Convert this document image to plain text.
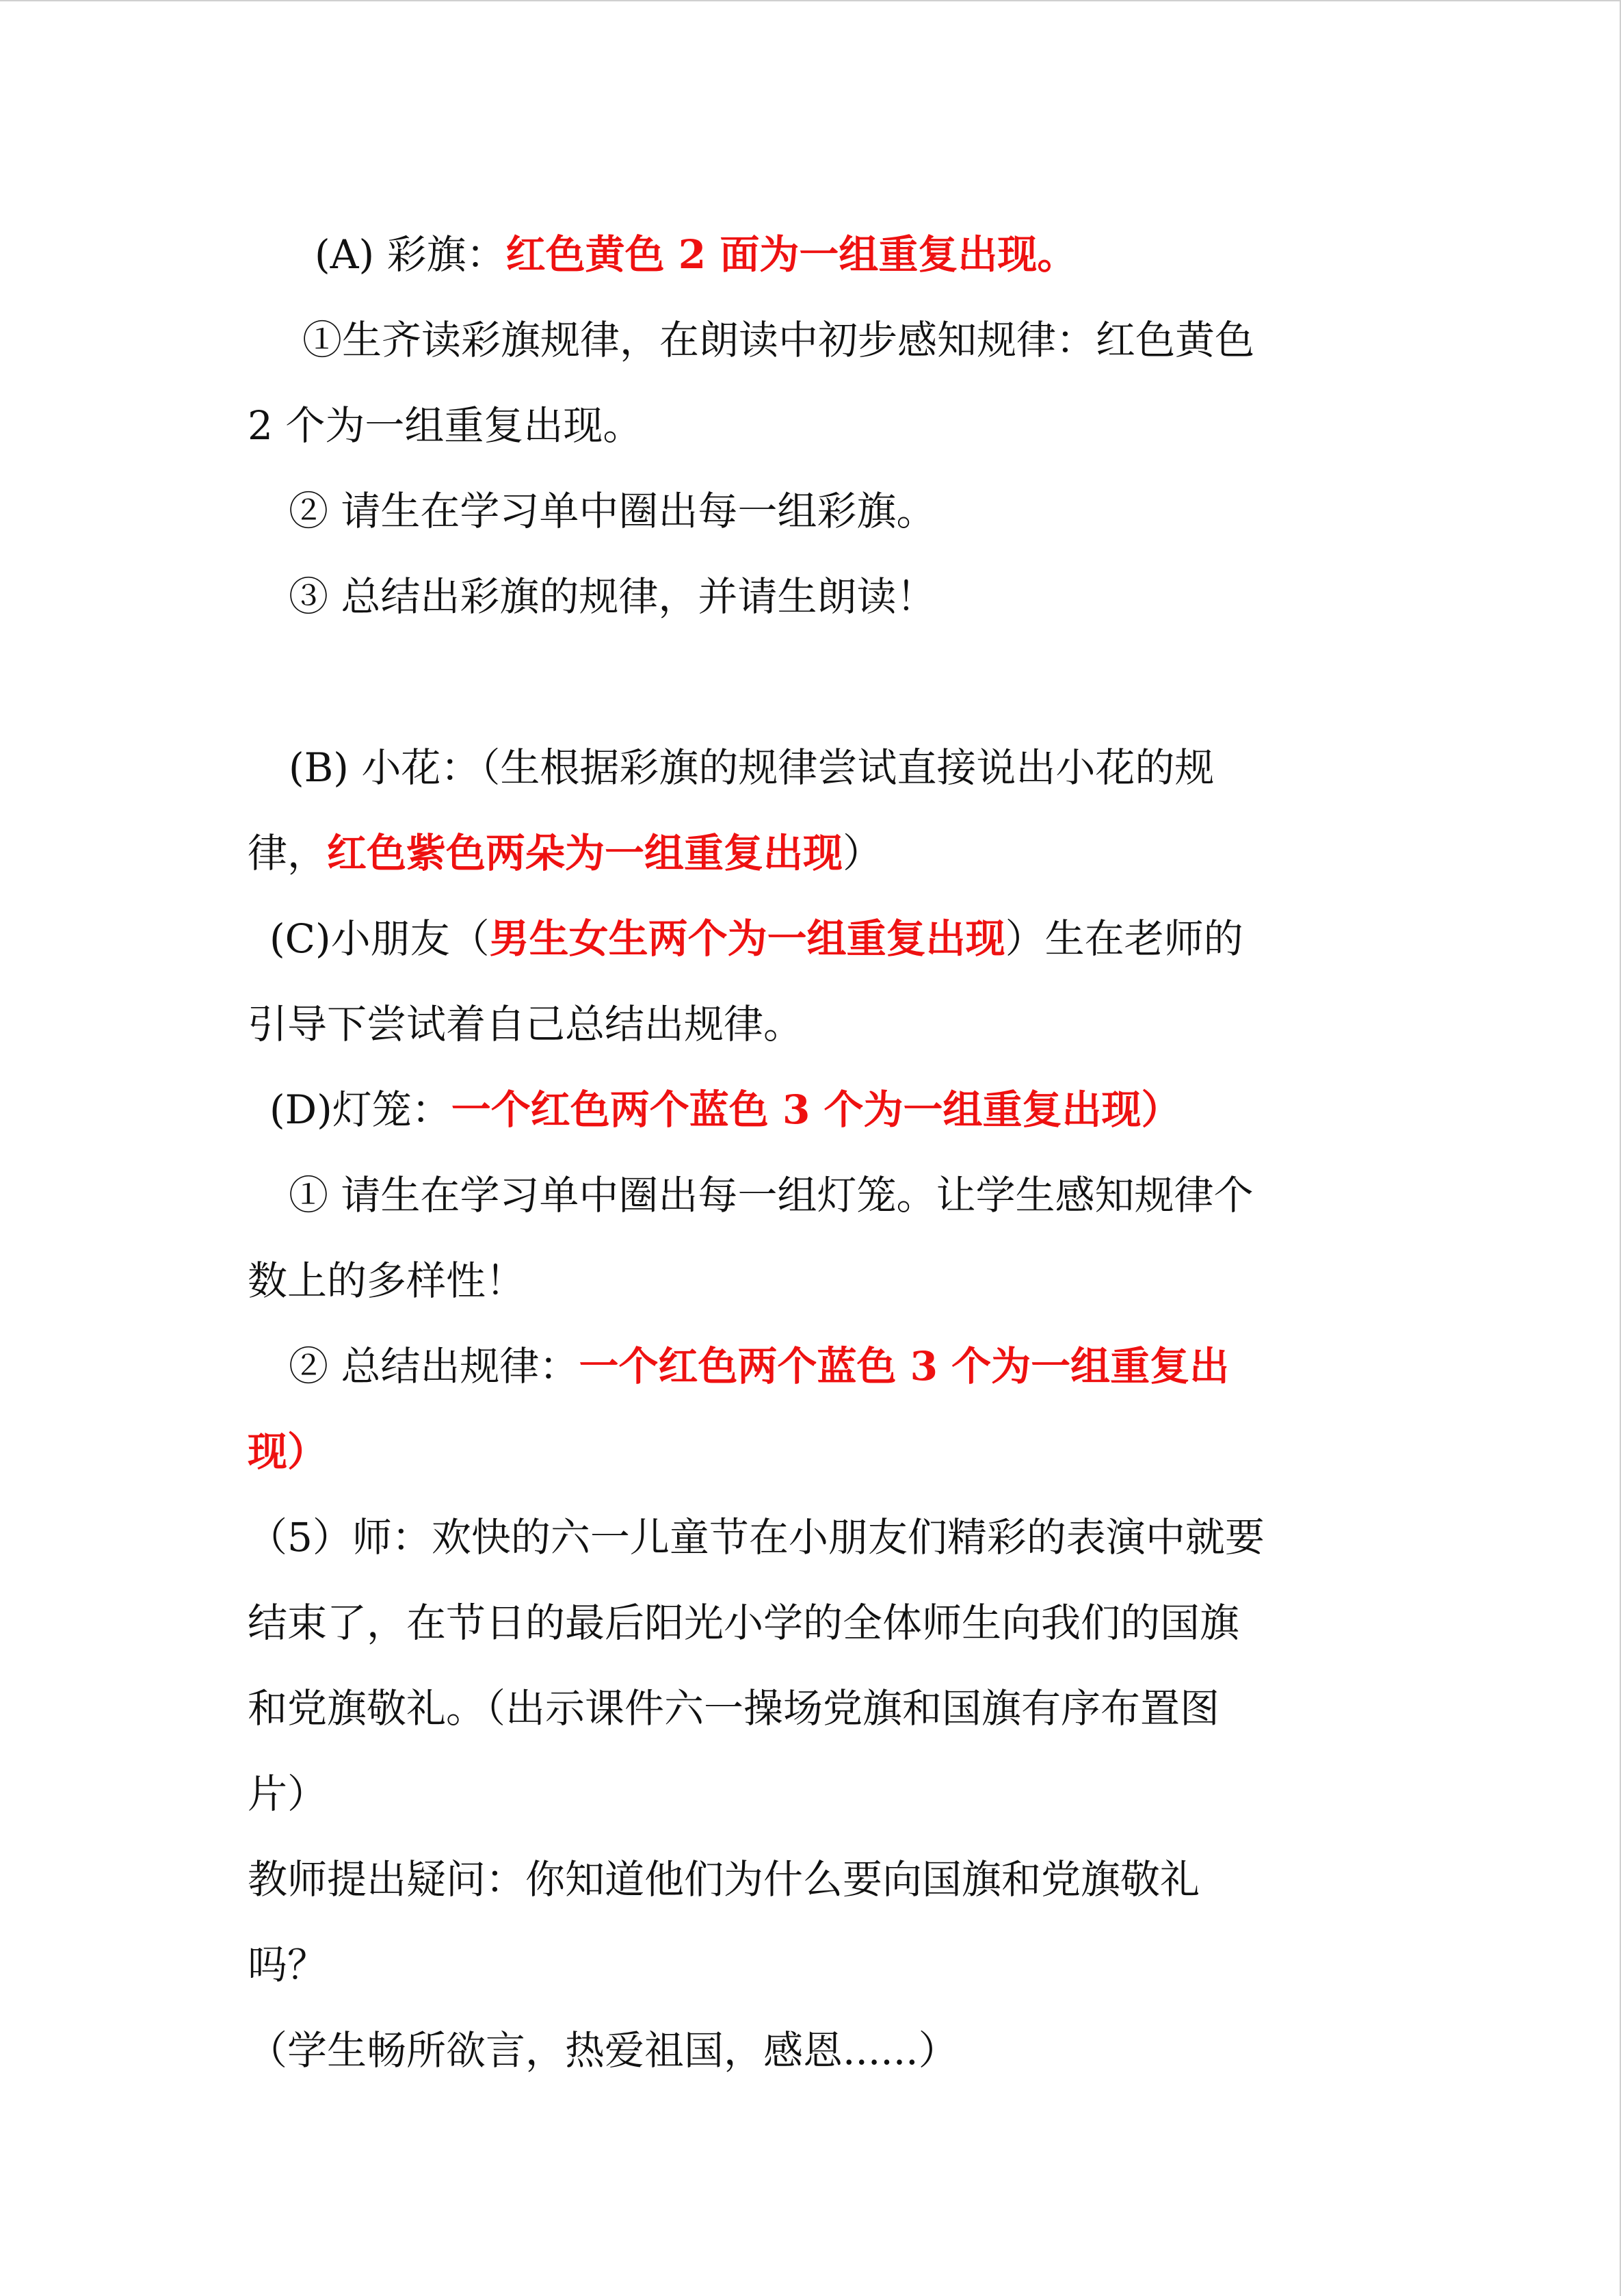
(A) 彩旗：红色黄色 2 面为一组重复出现。
①生齐读彩旗规律，在朗读中初步感知规律：红色黄色
2 个为一组重复出现。
② 请生在学习单中圈出每一组彩旗。
③ 总结出彩旗的规律，并请生朗读！
(B) 小花：（生根据彩旗的规律尝试直接说出小花的规
律，红色紫色两朵为一组重复出现）
(C)小朋友（男生女生两个为一组重复出现）生在老师的
引导下尝试着自己总结出规律。
(D)灯笼：一个红色两个蓝色 3 个为一组重复出现）
① 请生在学习单中圈出每一组灯笼。让学生感知规律个
数上的多样性！
② 总结出规律：一个红色两个蓝色 3 个为一组重复出
现）
（5）师：欢快的六一儿童节在小朋友们精彩的表演中就要
结束了，在节日的最后阳光小学的全体师生向我们的国旗
和党旗敬礼。（出示课件六一操场党旗和国旗有序布置图
片）
教师提出疑问：你知道他们为什么要向国旗和党旗敬礼
吗？
（学生畅所欲言，热爱祖国，感恩......）
